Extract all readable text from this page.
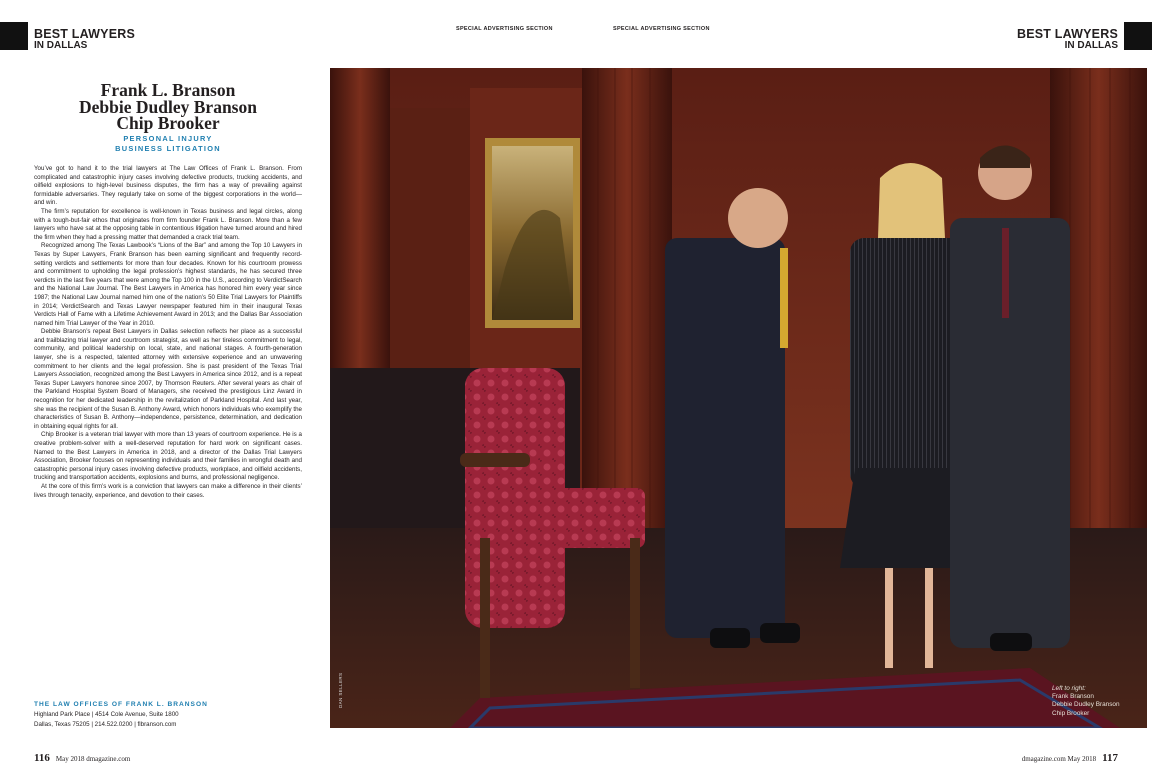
BEST LAWYERS
IN DALLAS
BEST LAWYERS
IN DALLAS
SPECIAL ADVERTISING SECTION	SPECIAL ADVERTISING SECTION
Frank L. Branson
Debbie Dudley Branson
Chip Brooker
PERSONAL INJURY
BUSINESS LITIGATION

You’ve got to hand it to the trial lawyers at The Law Offices of Frank L. Branson. From complicated and catastrophic injury cases involving defective products, trucking accidents, and oilfield explosions to high-level business disputes, the firm has a way of prevailing against formidable adversaries. They regularly take on some of the biggest corporations in the world—and win.

The firm’s reputation for excellence is well-known in Texas business and legal circles, along with a tough-but-fair ethos that originates from firm founder Frank L. Branson. More than a few lawyers who have sat at the opposing table in contentious litigation have turned around and hired the firm when they had a pressing matter that demanded a crack trial team.

Recognized among The Texas Lawbook’s “Lions of the Bar” and among the Top 10 Lawyers in Texas by Super Lawyers, Frank Branson has been earning significant and frequently record-setting verdicts and settlements for more than four decades. Known for his courtroom prowess and commitment to upholding the legal profession’s highest standards, he has secured three verdicts in the last five years that were among the Top 100 in the U.S., according to VerdictSearch and the National Law Journal. The Best Lawyers in America has honored him every year since 1987; the National Law Journal named him one of the nation’s 50 Elite Trial Lawyers for Plaintiffs in 2014; VerdictSearch and Texas Lawyer newspaper featured him in their inaugural Texas Verdicts Hall of Fame with a Lifetime Achievement Award in 2013; and the Dallas Bar Association named him Trial Lawyer of the Year in 2010.

Debbie Branson’s repeat Best Lawyers in Dallas selection reflects her place as a successful and trailblazing trial lawyer and courtroom strategist, as well as her tireless commitment to legal, community, and political leadership on local, state, and national stages. A fourth-generation lawyer, she is a respected, talented attorney with extensive experience and an unwavering commitment to her clients and the legal profession. She is past president of the Texas Trial Lawyers Association, recognized among the Best Lawyers in America since 2012, and is a repeat Texas Super Lawyers honoree since 2007, by Thomson Reuters. After several years as chair of the Parkland Hospital System Board of Managers, she received the prestigious Linz Award in recognition for her dedicated leadership in the revitalization of Parkland Hospital. And last year, she was the recipient of the Susan B. Anthony Award, which honors individuals who exemplify the characteristics of Susan B. Anthony—independence, persistence, determination, and dedication in obtaining equal rights for all.

Chip Brooker is a veteran trial lawyer with more than 13 years of courtroom experience. He is a creative problem-solver with a well-deserved reputation for hard work on significant cases. Named to the Best Lawyers in America in 2018, and a director of the Dallas Trial Lawyers Association, Brooker focuses on representing individuals and their families in wrongful death and catastrophic personal injury cases involving defective products, workplace, and oilfield accidents, trucking and transportation accidents, explosions and burns, and professional negligence.

At the core of this firm’s work is a conviction that lawyers can make a difference in their clients’ lives through tenacity, experience, and devotion to their cases.

THE LAW OFFICES OF FRANK L. BRANSON
Highland Park Place | 4514 Cole Avenue, Suite 1800
Dallas, Texas 75205 | 214.522.0200 | flbranson.com
116 May 2018 dmagazine.com	dmagazine.com May 2018 117
DAN SELLERS	Left to right:
Frank Branson
Debbie Dudley Branson
Chip Brooker
